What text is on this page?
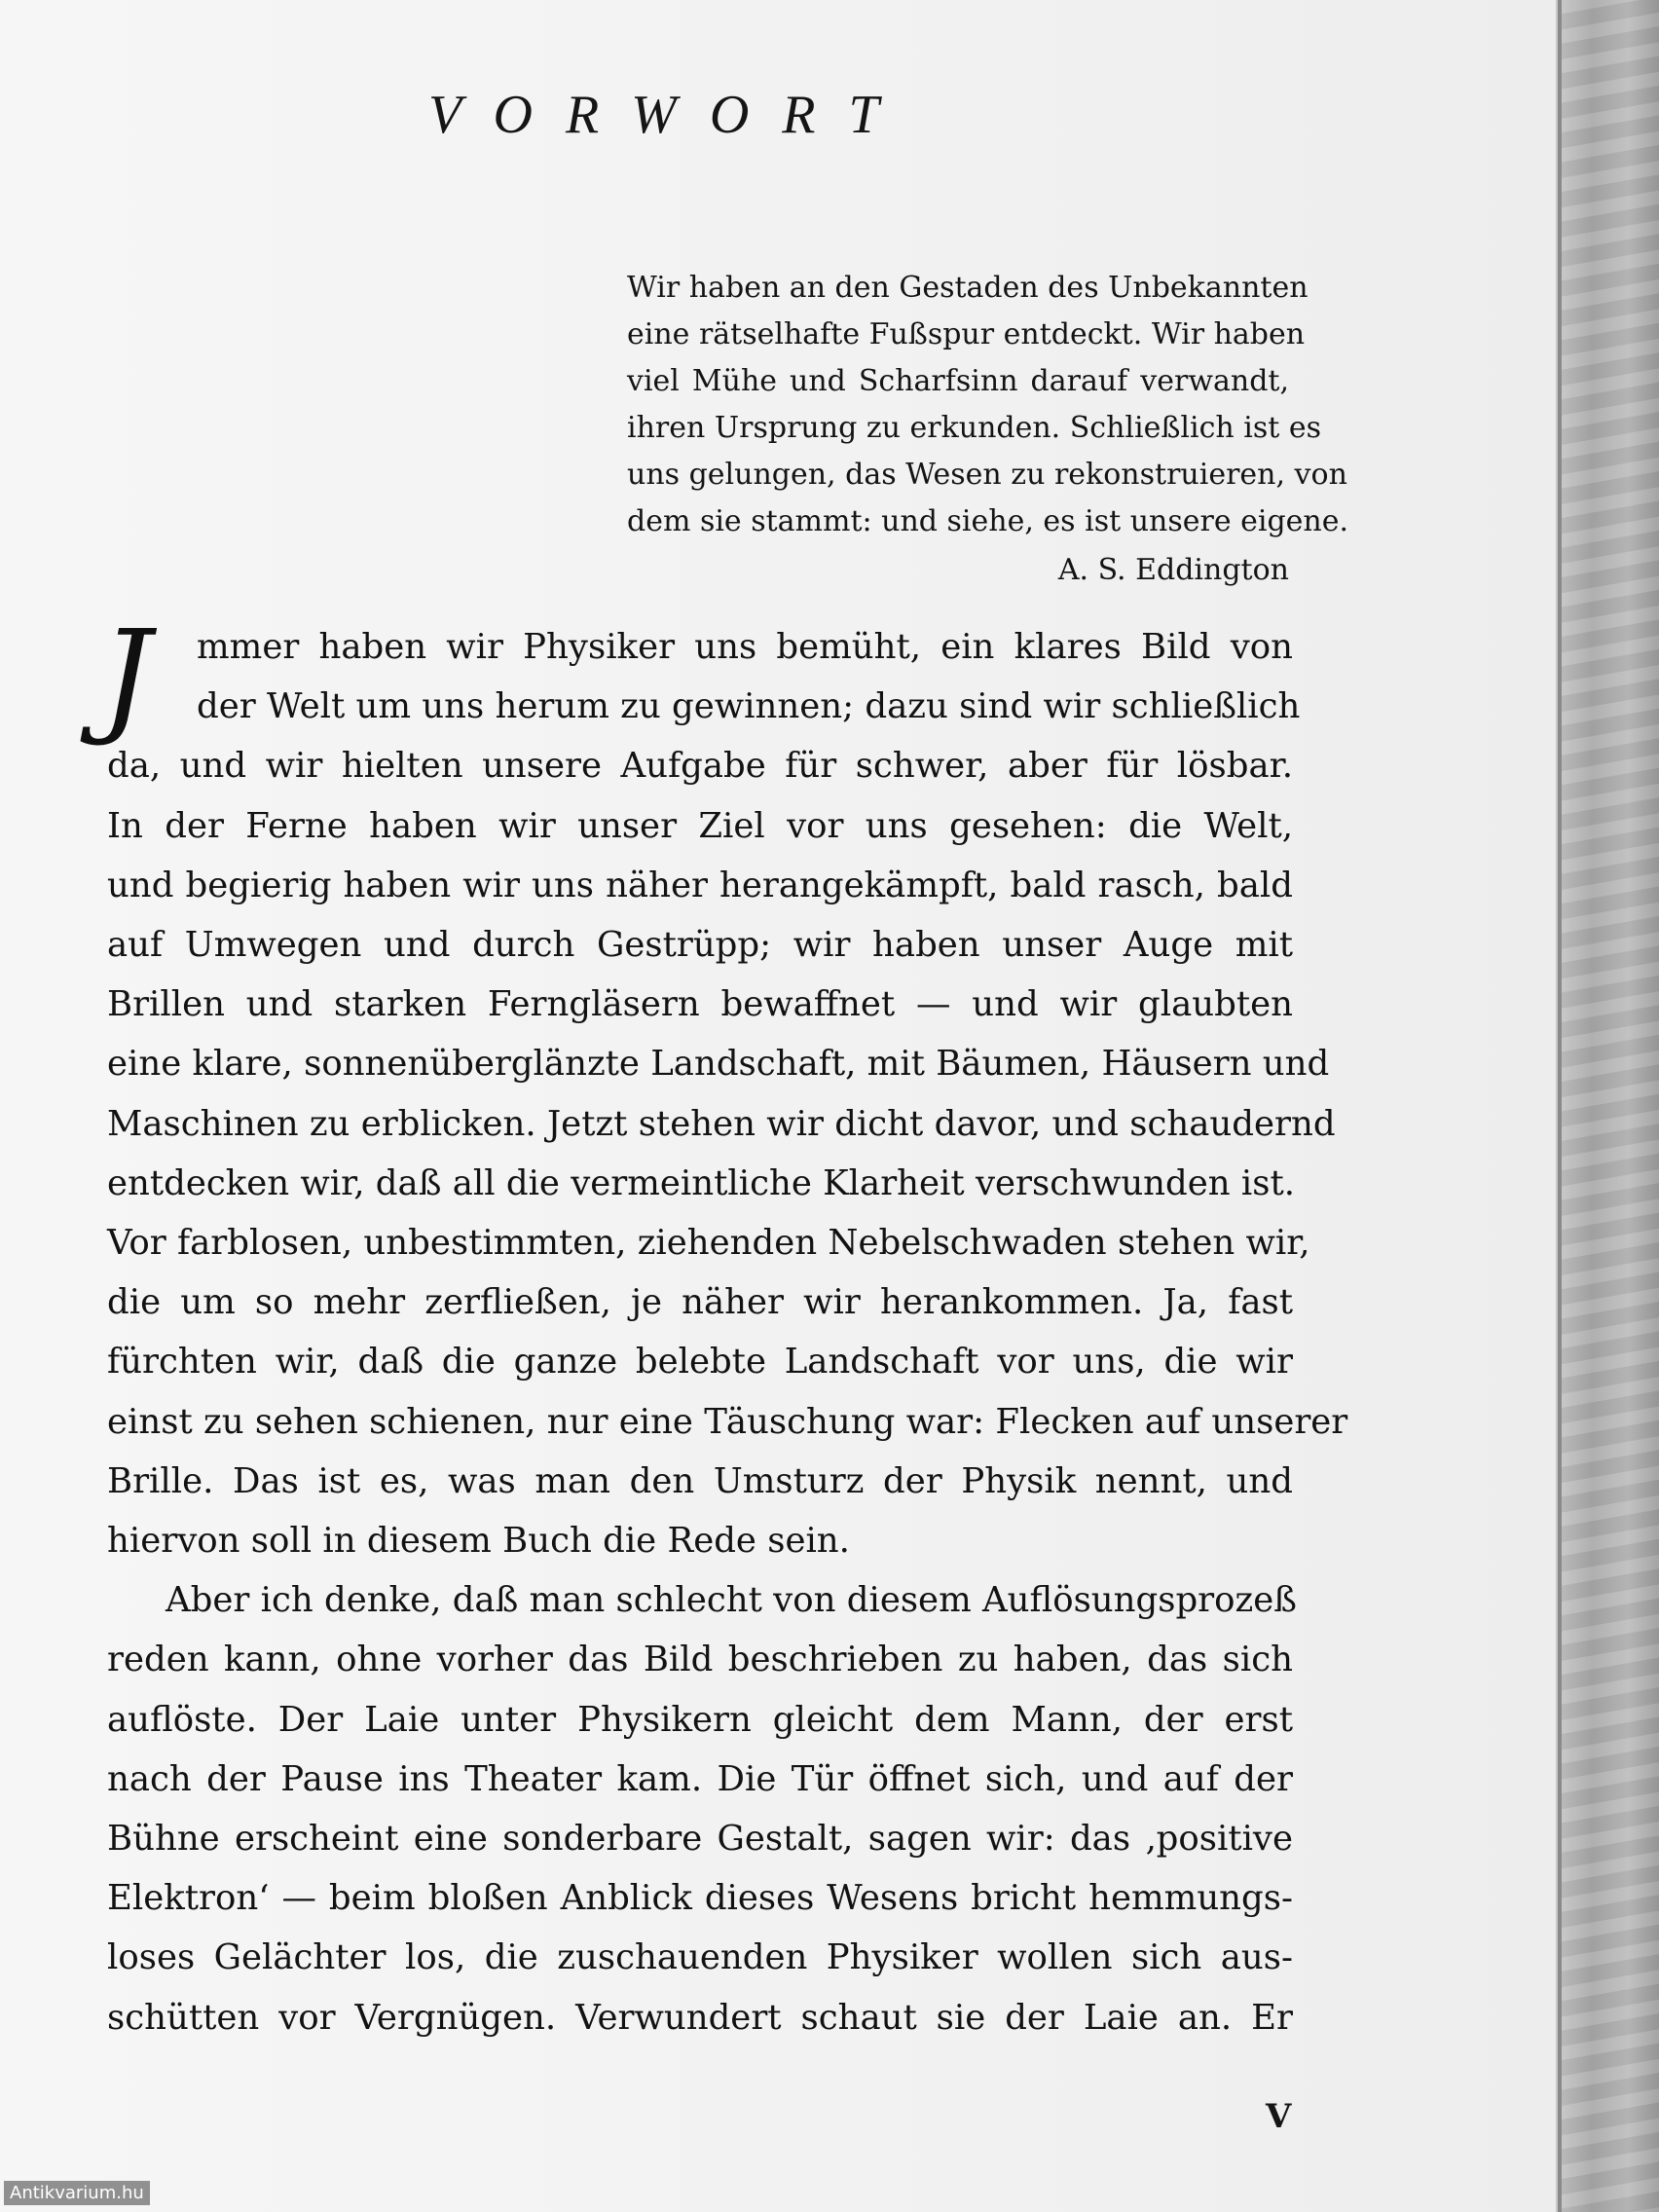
VORWORT
Wir haben an den Gestaden des Unbekannten
eine rätselhafte Fußspur entdeckt. Wir haben
viel Mühe und Scharfsinn darauf verwandt,
ihren Ursprung zu erkunden. Schließlich ist es
uns gelungen, das Wesen zu rekonstruieren, von
dem sie stammt: und siehe, es ist unsere eigene.
A. S. Eddington
J mmer haben wir Physiker uns bemüht, ein klares Bild von
der Welt um uns herum zu gewinnen; dazu sind wir schließlich
da, und wir hielten unsere Aufgabe für schwer, aber für lösbar.
In der Ferne haben wir unser Ziel vor uns gesehen: die Welt,
und begierig haben wir uns näher herangekämpft, bald rasch, bald
auf Umwegen und durch Gestrüpp; wir haben unser Auge mit
Brillen und starken Ferngläsern bewaffnet — und wir glaubten
eine klare, sonnenüberglänzte Landschaft, mit Bäumen, Häusern und
Maschinen zu erblicken. Jetzt stehen wir dicht davor, und schaudernd
entdecken wir, daß all die vermeintliche Klarheit verschwunden ist.
Vor farblosen, unbestimmten, ziehenden Nebelschwaden stehen wir,
die um so mehr zerfließen, je näher wir herankommen. Ja, fast
fürchten wir, daß die ganze belebte Landschaft vor uns, die wir
einst zu sehen schienen, nur eine Täuschung war: Flecken auf unserer
Brille. Das ist es, was man den Umsturz der Physik nennt, und
hiervon soll in diesem Buch die Rede sein.
Aber ich denke, daß man schlecht von diesem Auflösungsprozeß
reden kann, ohne vorher das Bild beschrieben zu haben, das sich
auflöste. Der Laie unter Physikern gleicht dem Mann, der erst
nach der Pause ins Theater kam. Die Tür öffnet sich, und auf der
Bühne erscheint eine sonderbare Gestalt, sagen wir: das ‚positive
Elektron‘ — beim bloßen Anblick dieses Wesens bricht hemmungs-
loses Gelächter los, die zuschauenden Physiker wollen sich aus-
schütten vor Vergnügen. Verwundert schaut sie der Laie an. Er
V
Antikvarium.hu
